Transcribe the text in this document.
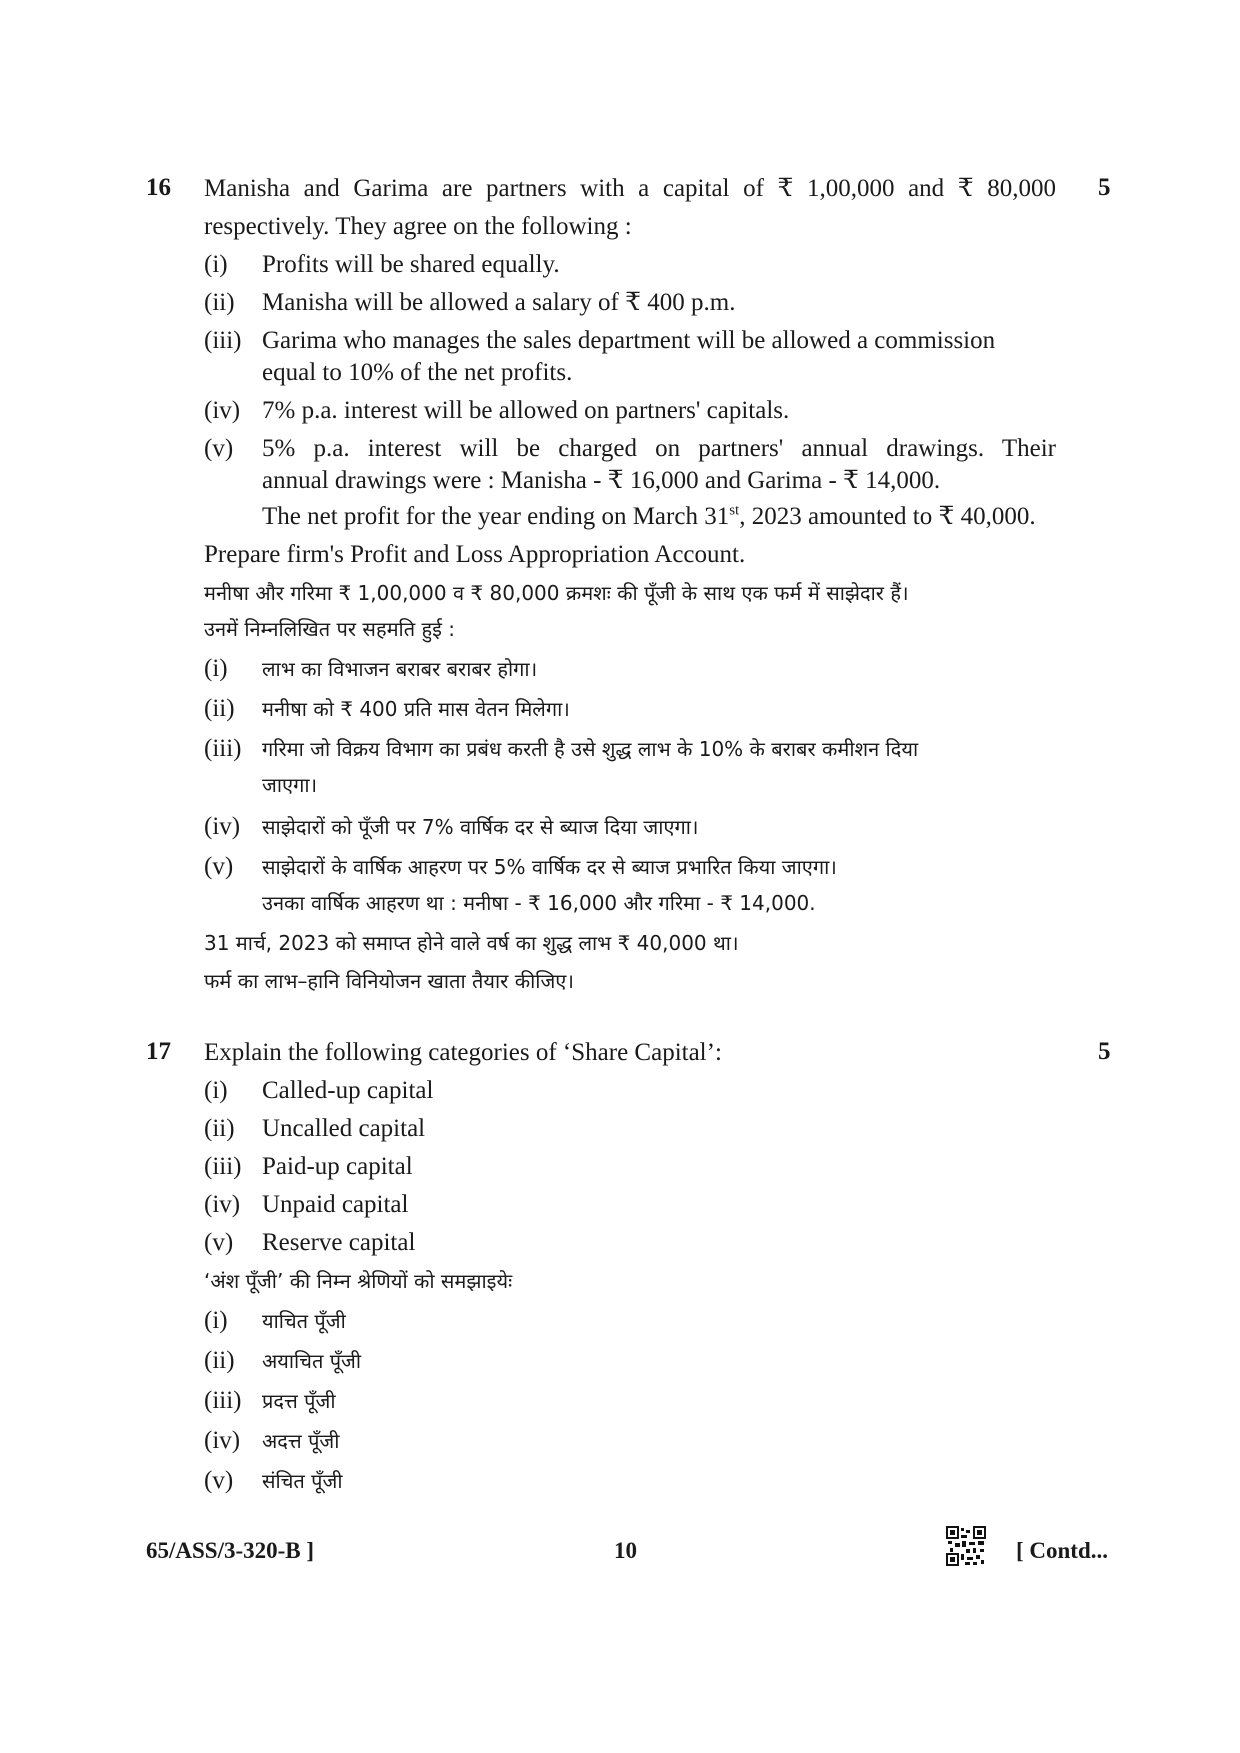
16	5
Manisha and Garima are partners with a capital of ₹ 1,00,000 and ₹ 80,000
respectively. They agree on the following :
(i)	Profits will be shared equally.
(ii)	Manisha will be allowed a salary of ₹ 400 p.m.
(iii) Garima who manages the sales department will be allowed a commission
equal to 10% of the net profits.
(iv) 7% p.a. interest will be allowed on partners' capitals.
(v)	5% p.a. interest will be charged on partners' annual drawings. Their
annual drawings were : Manisha - ₹ 16,000 and Garima - ₹ 14,000.
The net profit for the year ending on March 31st, 2023 amounted to ₹ 40,000.
Prepare firm's Profit and Loss Appropriation Account.
मनीषा और गरिमा ₹ 1,00,000 व ₹ 80,000 क्रमशः की पूँजी के साथ एक फर्म में साझेदार हैं।
उनमें निम्नलिखित पर सहमति हुई :
(i)	लाभ का विभाजन बराबर बराबर होगा।
(ii)	मनीषा को ₹ 400 प्रति मास वेतन मिलेगा।
(iii)	गरिमा जो विक्रय विभाग का प्रबंध करती है उसे शुद्ध लाभ के 10% के बराबर कमीशन दिया
जाएगा।
(iv)	साझेदारों को पूँजी पर 7% वार्षिक दर से ब्याज दिया जाएगा।
(v)	साझेदारों के वार्षिक आहरण पर 5% वार्षिक दर से ब्याज प्रभारित किया जाएगा।
उनका वार्षिक आहरण था : मनीषा - ₹ 16,000 और गरिमा - ₹ 14,000.
31 मार्च, 2023 को समाप्त होने वाले वर्ष का शुद्ध लाभ ₹ 40,000 था।
फर्म का लाभ–हानि विनियोजन खाता तैयार कीजिए।
17	5
Explain the following categories of ‘Share Capital’:
(i)	Called-up capital
(ii)	Uncalled capital
(iii) Paid-up capital
(iv) Unpaid capital
(v)	Reserve capital
‘अंश पूँजी’ की निम्न श्रेणियों को समझाइयेः
(i)	याचित पूँजी
(ii)	अयाचित पूँजी
(iii)	प्रदत्त पूँजी
(iv)	अदत्त पूँजी
(v)	संचित पूँजी
65/ASS/3-320-B ]	10	[ Contd...
